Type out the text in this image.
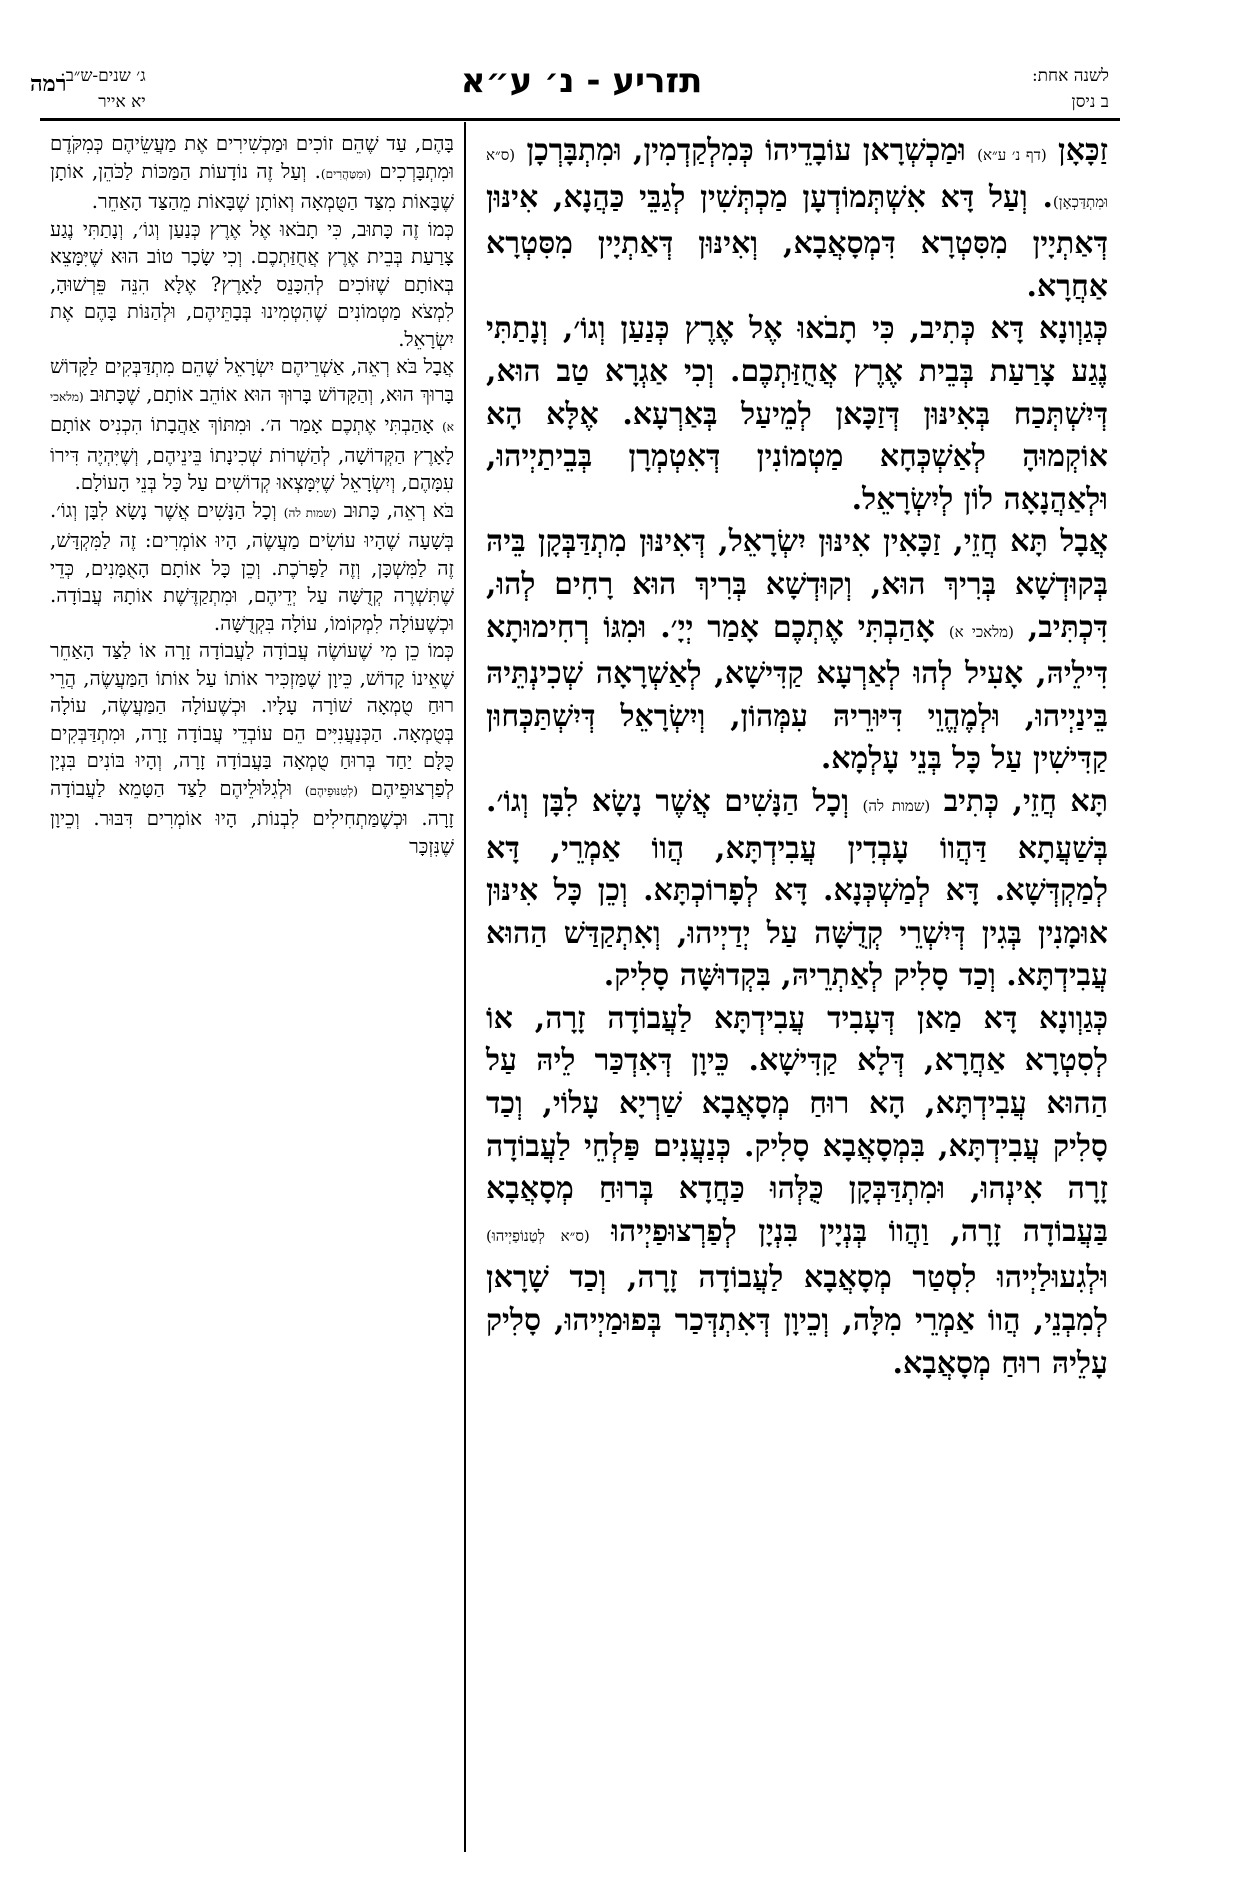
לשנה אחת:
ב ניסן
תזריע - נ׳ ע״א
ג׳ שנים-ש״ב:
יא אייר
רמה

זַכָּאָן (דף נ׳ ע״א) וּמַכְשְׁרָאן עוֹבָדֵיהוֹ כְּמִלְקַדְמִין, וּמִתְבָּרְכָן (ס״א וּמִתְדַּכְאָן). וְעַל דָּא אִשְׁתְּמוֹדְעָן מַכְתְּשִׁין לְגַבֵּי כַּהֲנָא, אִינּוּן דְּאַתְיָין מִסִּטְרָא דִּמְסָאֲבָא, וְאִינּוּן דְּאַתְיָין מִסִּטְרָא אַחֲרָא.

כְּגַוְונָא דָּא כְּתִיב, כִּי תָבֹאוּ אֶל אֶרֶץ כְּנַעַן וְגוֹ׳, וְנָתַתִּי נֶגַע צָרַעַת בְּבֵית אֶרֶץ אֲחֻזַּתְכֶם. וְכִי אַגְרָא טַב הוּא, דְּיִשְׁתְּכַח בְּאִינּוּן דְּזַכָּאן לְמֵיעַל בְּאַרְעָא. אֶלָּא הָא אוֹקְמוּהָ לְאַשְׁכְּחָא מַטְמוֹנִין דְּאִטְמְרָן בְּבֵיתַיְיהוּ, וּלְאַהֲנָאָה לוֹן לְיִשְׂרָאֵל.

אֲבָל תָּא חֲזֵי, זַכָּאִין אִינּוּן יִשְׂרָאֵל, דְּאִינּוּן מִתְדַּבְּקָן בֵּיהּ בְּקוּדְשָׁא בְּרִיךְ הוּא, וְקוּדְשָׁא בְּרִיךְ הוּא רָחִים לְהוּ, דִּכְתִּיב, (מלאכי א) אָהַבְתִּי אֶתְכֶם אָמַר יְיָ׳. וּמִגּוֹ רְחִימוּתָא דִּילֵיהּ, אָעִיל לְהוּ לְאַרְעָא קַדִּישָׁא, לְאַשְׁרָאָה שְׁכִינְתֵּיהּ בֵּינַיְיהוּ, וּלְמֶהֱוֵי דִּיּוּרֵיהּ עִמְּהוֹן, וְיִשְׂרָאֵל דְּיִשְׁתַּכְּחוּן קַדִּישִׁין עַל כָּל בְּנֵי עָלְמָא.

תָּא חֲזֵי, כְּתִיב (שמות לה) וְכָל הַנָּשִׁים אֲשֶׁר נָשָׂא לִבָּן וְגוֹ׳. בְּשַׁעֲתָא דַּהֲווֹ עָבְדִין עֲבִידְתָּא, הֲווֹ אַמְרֵי, דָּא לְמַקְדְּשָׁא. דָּא לְמַשְׁכְּנָא. דָּא לְפָרוֹכְתָּא. וְכֵן כָּל אִינּוּן אוּמָנִין בְּגִין דְּיִשְׁרֵי קְדֻשָּׁה עַל יְדַיְיהוּ, וְאִתְקַדַּשׁ הַהוּא עֲבִידְתָּא. וְכַד סָלִיק לְאַתְרֵיהּ, בִּקְדוּשָּׁה סָלִיק.

כְּגַוְונָא דָּא מַאן דְּעָבִיד עֲבִידְתָּא לַעֲבוֹדָה זָרָה, אוֹ לְסִטְרָא אַחֲרָא, דְּלָא קַדִּישָׁא. כֵּיוָן דְּאִדְכַּר לֵיהּ עַל הַהוּא עֲבִידְתָּא, הָא רוּחַ מְסָאֲבָא שַׁרְיָא עָלוֹי, וְכַד סָלִיק עֲבִידְתָּא, בִּמְסָאֲבָא סָלִיק. כְּנַעֲנִים פַּלְחֵי לַעֲבוֹדָה זָרָה אִינְהוּ, וּמִתְדַּבְּקָן כֻּלְּהוּ כַּחֲדָא בְּרוּחַ מְסָאֲבָא בַּעֲבוֹדָה זָרָה, וַהֲווֹ בְּנְיָין בִּנְיָן לְפַרְצוּפַיְיהוּ (ס״א לְטַנוֹפַיְיהוּ) וּלְגִעוּלַיְיהוּ לִסְטַר מְסָאֲבָא לַעֲבוֹדָה זָרָה, וְכַד שָׁרָאן לְמִבְנֵי, הֲווֹ אַמְרֵי מִלָּה, וְכֵיוָן דְּאִתְדְּכַר בְּפוּמַיְיהוּ, סָלִיק עָלֵיהּ רוּחַ מְסָאֲבָא.

בָּהֶם, עַד שֶׁהֵם זוֹכִים וּמַכְשִׁירִים אֶת מַעֲשֵׂיהֶם כְּמִקֹּדֶם וּמִתְבָּרְכִים (וּמִטַּהֲרִים). וְעַל זֶה נוֹדָעוֹת הַמַּכּוֹת לַכֹּהֵן, אוֹתָן שֶׁבָּאוֹת מִצַּד הַטֻּמְאָה וְאוֹתָן שֶׁבָּאוֹת מֵהַצַּד הָאַחֵר.

כְּמוֹ זֶה כָּתוּב, כִּי תָבֹאוּ אֶל אֶרֶץ כְּנַעַן וְגוֹ׳, וְנָתַתִּי נֶגַע צָרַעַת בְּבֵית אֶרֶץ אֲחֻזַּתְכֶם. וְכִי שָׂכָר טוֹב הוּא שֶׁיִּמָּצֵא בְּאוֹתָם שֶׁזּוֹכִים לְהִכָּנֵס לָאָרֶץ? אֶלָּא הִנֵּה פֵּרְשׁוּהָ, לִמְצֹא מַטְמוֹנִים שֶׁהִטְמִינוּ בְּבָתֵּיהֶם, וּלְהַנּוֹת בָּהֶם אֶת יִשְׂרָאֵל.

אֲבָל בֹּא רְאֵה, אַשְׁרֵיהֶם יִשְׂרָאֵל שֶׁהֵם מִתְדַּבְּקִים לַקָּדוֹשׁ בָּרוּךְ הוּא, וְהַקָּדוֹשׁ בָּרוּךְ הוּא אוֹהֵב אוֹתָם, שֶׁכָּתוּב (מלאכי א) אָהַבְתִּי אֶתְכֶם אָמַר ה׳. וּמִתּוֹךְ אַהֲבָתוֹ הִכְנִיס אוֹתָם לָאָרֶץ הַקְּדוֹשָׁה, לְהַשְׁרוֹת שְׁכִינָתוֹ בֵּינֵיהֶם, וְשֶׁיִּהְיֶה דִּירוֹ עִמָּהֶם, וְיִשְׂרָאֵל שֶׁיִּמָּצְאוּ קְדוֹשִׁים עַל כָּל בְּנֵי הָעוֹלָם.

בֹּא רְאֵה, כָּתוּב (שמות לה) וְכָל הַנָּשִׁים אֲשֶׁר נָשָׂא לִבָּן וְגוֹ׳. בְּשָׁעָה שֶׁהָיוּ עוֹשִׂים מַעֲשֶׂה, הָיוּ אוֹמְרִים: זֶה לַמִּקְדָּשׁ, זֶה לַמִּשְׁכָּן, וְזֶה לַפָּרֹכֶת. וְכֵן כָּל אוֹתָם הָאֻמָּנִים, כְּדֵי שֶׁתִּשְׁרֶה קְדֻשָּׁה עַל יְדֵיהֶם, וּמִתְקַדֶּשֶׁת אוֹתָהּ עֲבוֹדָה. וּכְשֶׁעוֹלָה לִמְקוֹמוֹ, עוֹלָה בִּקְדֻשָּׁה.

כְּמוֹ כֵן מִי שֶׁעוֹשֶׂה עֲבוֹדָה לַעֲבוֹדָה זָרָה אוֹ לַצַּד הָאַחֵר שֶׁאֵינוֹ קָדוֹשׁ, כֵּיוָן שֶׁמַּזְכִּיר אוֹתוֹ עַל אוֹתוֹ הַמַּעֲשֶׂה, הֲרֵי רוּחַ טֻמְאָה שׁוֹרָה עָלָיו. וּכְשֶׁעוֹלָה הַמַּעֲשֶׂה, עוֹלָה בְּטֻמְאָה. הַכְּנַעֲנִיִּים הֵם עוֹבְדֵי עֲבוֹדָה זָרָה, וּמִתְדַּבְּקִים כֻּלָּם יַחַד בְּרוּחַ טֻמְאָה בַּעֲבוֹדָה זָרָה, וְהָיוּ בּוֹנִים בִּנְיָן לְפַרְצוּפֵיהֶם (לְטִנּוּפֵיהֶם) וּלְגִלּוּלֵיהֶם לַצַּד הַטָּמֵא לַעֲבוֹדָה זָרָה. וּכְשֶׁמַּתְחִילִים לִבְנוֹת, הָיוּ אוֹמְרִים דִּבּוּר. וְכֵיוָן שֶׁנִּזְכָּר
